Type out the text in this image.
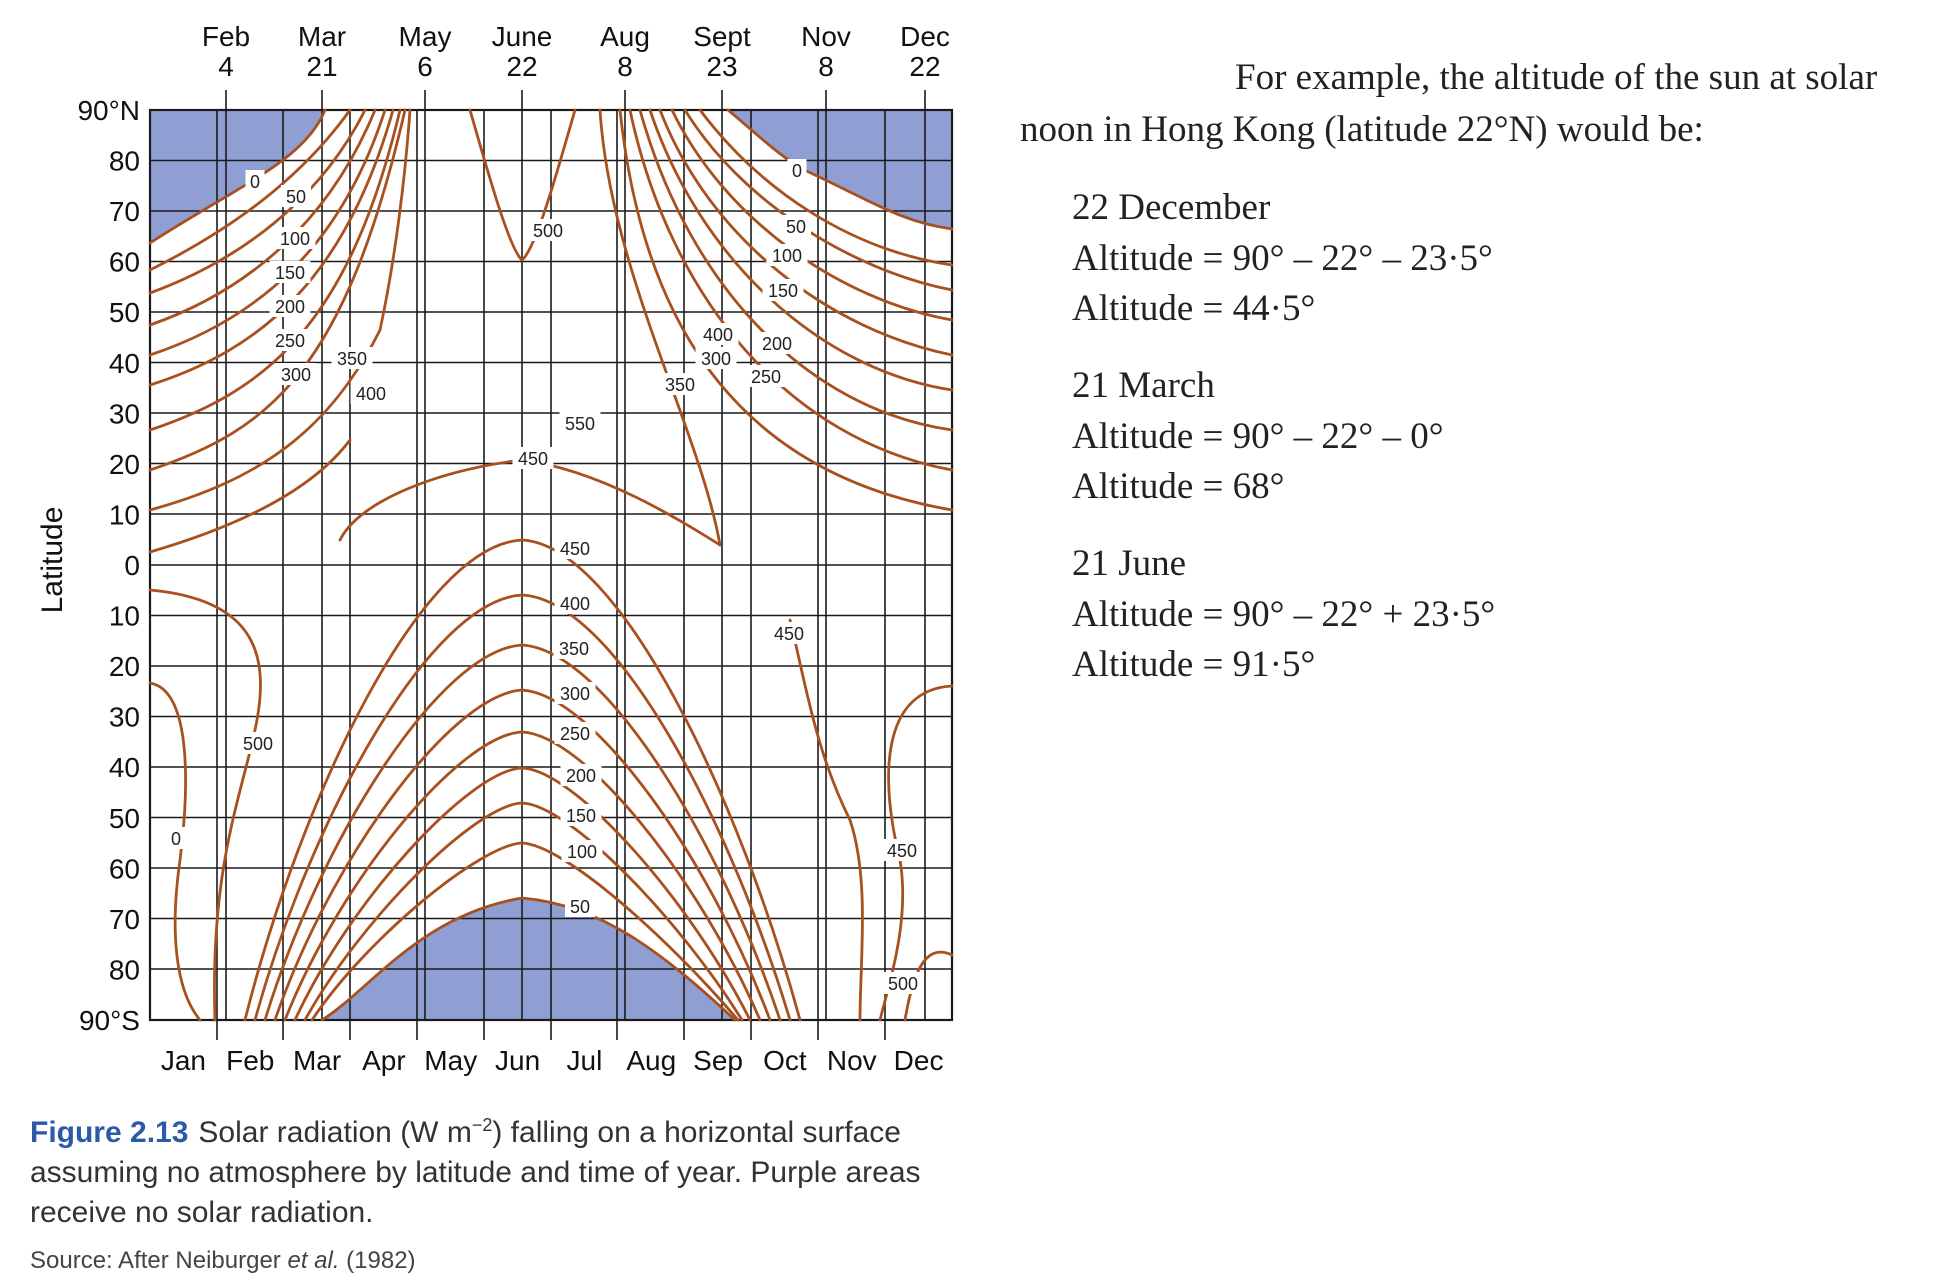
0
50
100
150
200
250
300
350
400
0
50
100
150
200
250
300
350
400
500
450
450
400
350
300
250
200
150
100
50
0
500
450
450
500
550
90°N
80
70
60
50
40
30
20
10
0
10
20
30
40
50
60
70
80
90°S
Feb
4
Mar
21
May
6
June
22
Aug
8
Sept
23
Nov
8
Dec
22
Jan Feb Mar Apr May Jun Jul Aug Sep Oct Nov Dec
Latitude
Figure 2.13 Solar radiation (W $m^{-2}$) falling on a horizontal surface assuming no atmosphere by latitude and time of year. Purple areas receive no solar radiation.
Source: After Neiburger et al. (1982)

For example, the altitude of the sun at solar noon in Hong Kong (latitude 22°N) would be:

22 December
Altitude = 90° – 22° – 23·5°
Altitude = 44·5°
21 March
Altitude = 90° – 22° – 0°
Altitude = 68°
21 June
Altitude = 90° – 22° + 23·5°
Altitude = 91·5°
